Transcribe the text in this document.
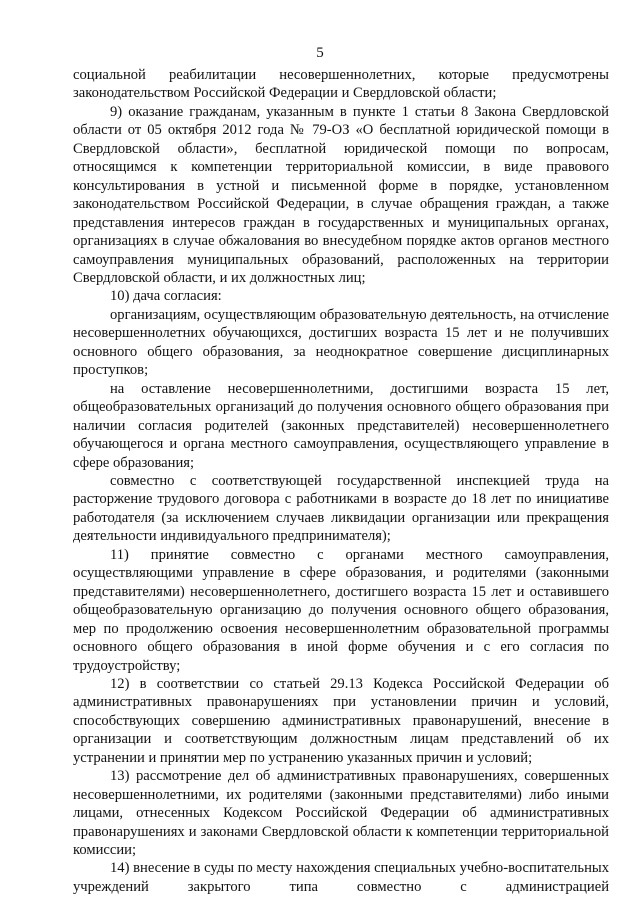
5

социальной реабилитации несовершеннолетних, которые предусмотрены законодательством Российской Федерации и Свердловской области;

9) оказание гражданам, указанным в пункте 1 статьи 8 Закона Свердловской области от 05 октября 2012 года № 79-ОЗ «О бесплатной юридической помощи в Свердловской области», бесплатной юридической помощи по вопросам, относящимся к компетенции территориальной комиссии, в виде правового консультирования в устной и письменной форме в порядке, установленном законодательством Российской Федерации, в случае обращения граждан, а также представления интересов граждан в государственных и муниципальных органах, организациях в случае обжалования во внесудебном порядке актов органов местного самоуправления муниципальных образований, расположенных на территории Свердловской области, и их должностных лиц;

10) дача согласия:

организациям, осуществляющим образовательную деятельность, на отчисление несовершеннолетних обучающихся, достигших возраста 15 лет и не получивших основного общего образования, за неоднократное совершение дисциплинарных проступков;

на оставление несовершеннолетними, достигшими возраста 15 лет, общеобразовательных организаций до получения основного общего образования при наличии согласия родителей (законных представителей) несовершеннолетнего обучающегося и органа местного самоуправления, осуществляющего управление в сфере образования;

совместно с соответствующей государственной инспекцией труда на расторжение трудового договора с работниками в возрасте до 18 лет по инициативе работодателя (за исключением случаев ликвидации организации или прекращения деятельности индивидуального предпринимателя);

11) принятие совместно с органами местного самоуправления, осуществляющими управление в сфере образования, и родителями (законными представителями) несовершеннолетнего, достигшего возраста 15 лет и оставившего общеобразовательную организацию до получения основного общего образования, мер по продолжению освоения несовершеннолетним образовательной программы основного общего образования в иной форме обучения и с его согласия по трудоустройству;

12) в соответствии со статьей 29.13 Кодекса Российской Федерации об административных правонарушениях при установлении причин и условий, способствующих совершению административных правонарушений, внесение в организации и соответствующим должностным лицам представлений об их устранении и принятии мер по устранению указанных причин и условий;

13) рассмотрение дел об административных правонарушениях, совершенных несовершеннолетними, их родителями (законными представителями) либо иными лицами, отнесенных Кодексом Российской Федерации об административных правонарушениях и законами Свердловской области к компетенции территориальной комиссии;

14) внесение в суды по месту нахождения специальных учебно-воспитательных учреждений закрытого типа совместно с администрацией
